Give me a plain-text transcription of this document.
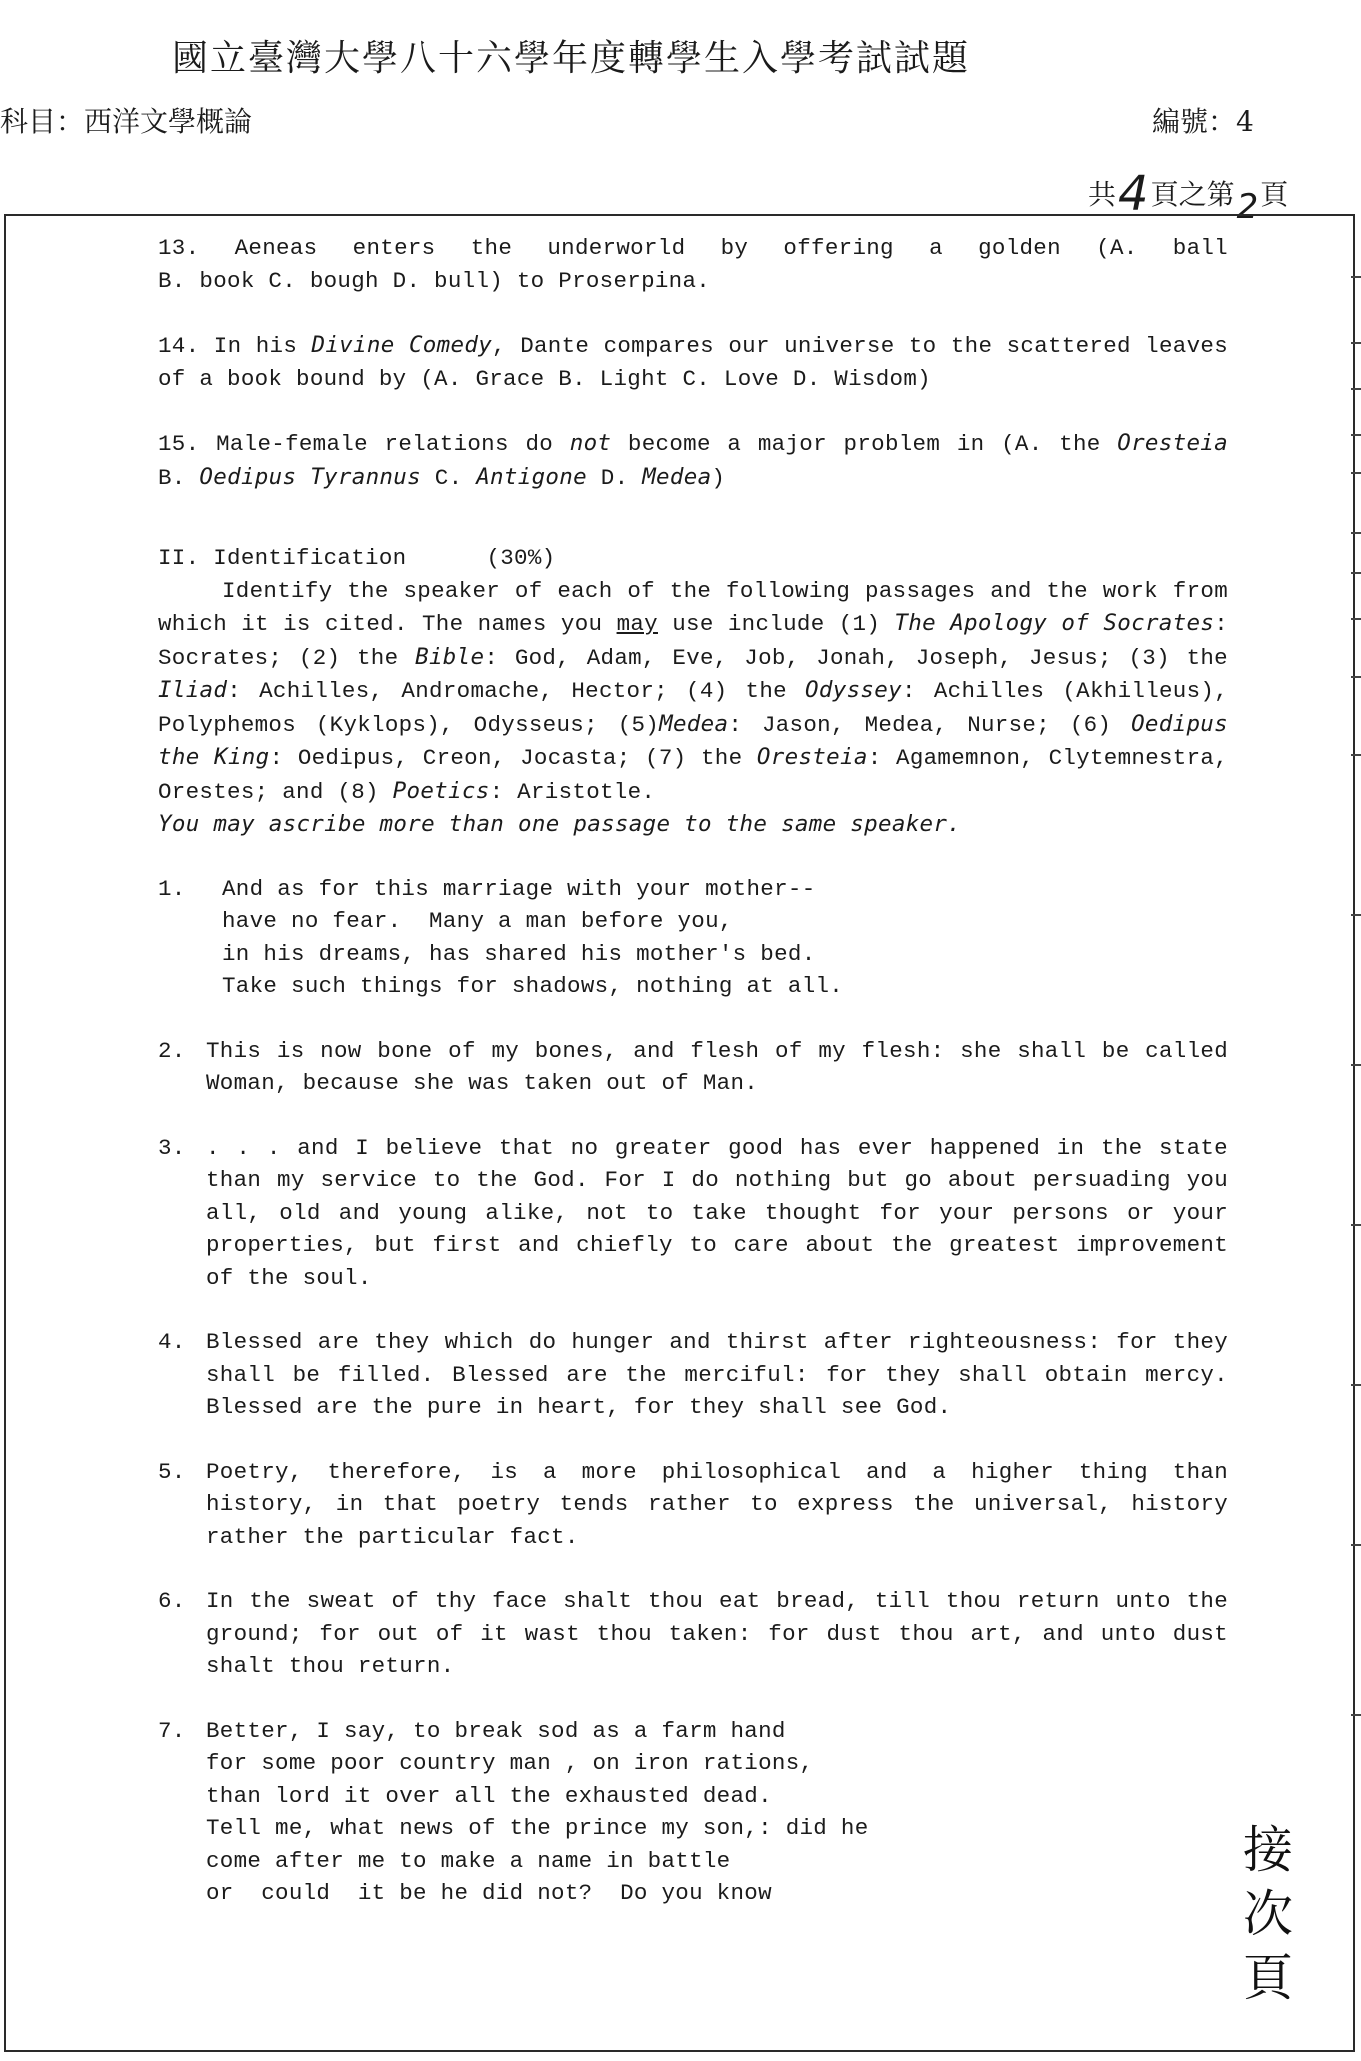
國立臺灣大學八十六學年度轉學生入學考試試題
科目：西洋文學概論	編號：4
共4頁之第2頁

13. Aeneas enters the underworld by offering a golden (A. ball

B. book C. bough D. bull) to Proserpina.

14. In his Divine Comedy, Dante compares our universe to the scattered leaves of a book bound by (A. Grace B. Light C. Love D. Wisdom)
15. Male-female relations do not become a major problem in (A. the Oresteia B. Oedipus Tyrannus C. Antigone D. Medea)
II. Identification	(30%)
Identify the speaker of each of the following passages and the work from which it is cited. The names you may use include (1) The Apology of Socrates: Socrates; (2) the Bible: God, Adam, Eve, Job, Jonah, Joseph, Jesus; (3) the Iliad: Achilles, Andromache, Hector; (4) the Odyssey: Achilles (Akhilleus), Polyphemos (Kyklops), Odysseus; (5)Medea: Jason, Medea, Nurse; (6) Oedipus the King: Oedipus, Creon, Jocasta; (7) the Oresteia: Agamemnon, Clytemnestra, Orestes; and (8) Poetics: Aristotle.
You may ascribe more than one passage to the same speaker.
1.	And as for this marriage with your mother--

have no fear.  Many a man before you,

in his dreams, has shared his mother's bed.

Take such things for shadows, nothing at all.

2. This is now bone of my bones, and flesh of my flesh: she shall be called Woman, because she was taken out of Man.
3. . . . and I believe that no greater good has ever happened in the state than my service to the God. For I do nothing but go about persuading you all, old and young alike, not to take thought for your persons or your properties, but first and chiefly to care about the greatest improvement of the soul.
4. Blessed are they which do hunger and thirst after righteousness: for they shall be filled. Blessed are the merciful: for they shall obtain mercy. Blessed are the pure in heart, for they shall see God.
5. Poetry, therefore, is a more philosophical and a higher thing than history, in that poetry tends rather to express the universal, history rather the particular fact.
6. In the sweat of thy face shalt thou eat bread, till thou return unto the ground; for out of it wast thou taken: for dust thou art, and unto dust shalt thou return.
7. Better, I say, to break sod as a farm hand

for some poor country man , on iron rations,

than lord it over all the exhausted dead.

Tell me, what news of the prince my son,: did he

come after me to make a name in battle

or  could  it be he did not?  Do you know

接
次
頁
